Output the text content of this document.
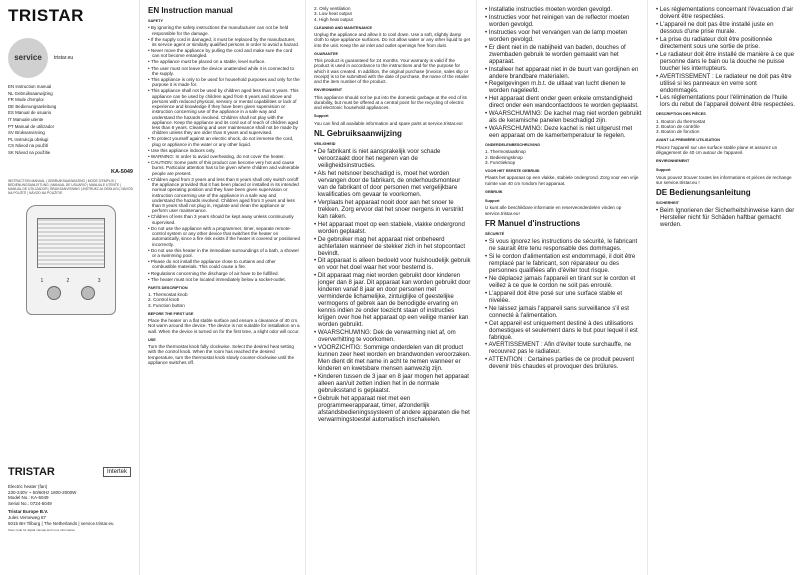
TRISTAR
service	tristar.eu
EN Instruction manual
NL Gebruiksaanwijzing
FR Mode d'emploi
DE Bedienungsanleitung
ES Manual de usuario
IT Manuale utente
PT Manual de utilizador
SV Bruksanvisning
PL Instrukcja obsługi
CS Návod na použití
SK Návod na použitie
KA-5049
INSTRUCTION MANUAL | GEBRUIKSAANWIJZING | MODE D'EMPLOI | BEDIENUNGSANLEITUNG | MANUAL DE USUARIO | MANUALE UTENTE | MANUAL DE UTILIZADOR | BRUKSANVISNING | INSTRUKCJA OBSŁUGI | NÁVOD NA POUŽITÍ | NÁVOD NA POUŽITIE
1	2	3
TRISTAR	Intertek
Electric heater (fan)
230-240V ~ 50/60Hz 1800-2000W
Model No.: KA-5049
Serial No.: 0724-5049
Tristar Europe B.V.
Jules Verneweg 87
5015 BH Tilburg | The Netherlands | service.tristar.eu
Scan code for digital manual and more information
EN Instruction manual
SAFETY
• By ignoring the safety instructions the manufacturer can not be held responsible for the damage.
• If the supply cord is damaged, it must be replaced by the manufacturer, its service agent or similarly qualified persons in order to avoid a hazard.
• Never move the appliance by pulling the cord and make sure the cord can not become entangled.
• The appliance must be placed on a stable, level surface.
• The user must not leave the device unattended while it is connected to the supply.
• This appliance is only to be used for household purposes and only for the purpose it is made for.
• This appliance shall not be used by children aged less than 8 years. This appliance can be used by children aged from 8 years and above and persons with reduced physical, sensory or mental capabilities or lack of experience and knowledge if they have been given supervision or instruction concerning use of the appliance in a safe way and understand the hazards involved. Children shall not play with the appliance. Keep the appliance and its cord out of reach of children aged less than 8 years. Cleaning and user maintenance shall not be made by children unless they are older than 8 years and supervised.
• To protect yourself against an electric shock, do not immerse the cord, plug or appliance in the water or any other liquid.
• Use this appliance indoors only.
• WARNING: In order to avoid overheating, do not cover the heater.
• CAUTION: Some parts of this product can become very hot and cause burns. Particular attention has to be given where children and vulnerable people are present.
• Children aged from 3 years and less than 8 years shall only switch on/off the appliance provided that it has been placed or installed in its intended normal operating position and they have been given supervision or instruction concerning use of the appliance in a safe way and understand the hazards involved. Children aged from 3 years and less than 8 years shall not plug in, regulate and clean the appliance or perform user maintenance.
• Children of less than 3 years should be kept away unless continuously supervised.
• Do not use the appliance with a programmer, timer, separate remote-control system or any other device that switches the heater on automatically, since a fire risk exists if the heater is covered or positioned incorrectly.
• Do not use this heater in the immediate surroundings of a bath, a shower or a swimming pool.
• Please do not install the appliance close to curtains and other combustible materials. This could cause a fire.
• Regulations concerning the discharge of air have to be fulfilled.
• The heater must not be located immediately below a socket-outlet.
PARTS DESCRIPTION
1. Thermostat knob
2. Control knob
3. Function button
BEFORE THE FIRST USE

Place the heater on a flat stable surface and ensure a clearance of 40 cm. Not warm around the device. The device is not suitable for installation on a wall. When the device is turned on for the first time, a slight odor will occur.

USE

Turn the thermostat knob fully clockwise. Select the desired heat setting with the control knob. When the room has reached the desired temperature, turn the thermostat knob slowly counter-clockwise until the appliance switches off.

2. Only ventilation
3. Low heat output
4. High heat output
CLEANING AND MAINTENANCE

Unplug the appliance and allow it to cool down. Use a soft, slightly damp cloth to wipe appliance surfaces. Do not allow water or any other liquid to get into the unit. Keep the air inlet and outlet openings free from dust.

GUARANTEE

This product is guaranteed for 24 months. Your warranty is valid if the product is used in accordance to the instructions and for the purpose for which it was created. In addition, the original purchase (invoice, sales slip or receipt) is to be submitted with the date of purchase, the name of the retailer and the item number of the product.

ENVIRONMENT

This appliance should not be put into the domestic garbage at the end of its durability, but must be offered at a central point for the recycling of electric and electronic household appliances.

Support

You can find all available information and spare parts at service.tristar.eu!

NL Gebruiksaanwijzing
VEILIGHEID
• De fabrikant is niet aansprakelijk voor schade veroorzaakt door het negeren van de veiligheidsinstructies.
• Als het netsnoer beschadigd is, moet het worden vervangen door de fabrikant, de onderhoudsmonteur van de fabrikant of door personen met vergelijkbare kwalificaties om gevaar te voorkomen.
• Verplaats het apparaat nooit door aan het snoer te trekken. Zorg ervoor dat het snoer nergens in verstrikt kan raken.
• Het apparaat moet op een stabiele, vlakke ondergrond worden geplaatst.
• De gebruiker mag het apparaat niet onbeheerd achterlaten wanneer de stekker zich in het stopcontact bevindt.
• Dit apparaat is alleen bedoeld voor huishoudelijk gebruik en voor het doel waar het voor bestemd is.
• Dit apparaat mag niet worden gebruikt door kinderen jonger dan 8 jaar. Dit apparaat kan worden gebruikt door kinderen vanaf 8 jaar en door personen met verminderde lichamelijke, zintuiglijke of geestelijke vermogens of gebrek aan de benodigde ervaring en kennis indien ze onder toezicht staan of instructies krijgen over hoe het apparaat op een veilige manier kan worden gebruikt.
• WAARSCHUWING: Dek de verwarming niet af, om oververhitting te voorkomen.
• VOORZICHTIG: Sommige onderdelen van dit product kunnen zeer heet worden en brandwonden veroorzaken. Men dient dit met name in acht te nemen wanneer er kinderen en kwetsbare mensen aanwezig zijn.
• Kinderen tussen de 3 jaar en 8 jaar mogen het apparaat alleen aan/uit zetten indien het in de normale gebruiksstand is geplaatst.
• Gebruik het apparaat niet met een programmeerapparaat, timer, afzonderlijk afstandsbedieningssysteem of andere apparaten die het verwarmingstoestel automatisch inschakelen.
• Installatie instructies moeten worden gevolgd.
• Instructies voor het reinigen van de reflector moeten worden gevolgd.
• Instructies voor het vervangen van de lamp moeten worden gevolgd.
• Er dient niet in de nabijheid van baden, douches of zwembaden gebruik te worden gemaakt van het apparaat.
• Installeer het apparaat niet in de buurt van gordijnen en andere brandbare materialen.
• Regelgevingen m.b.t. de uitlaat van lucht dienen te worden nageleefd.
• Het apparaat dient onder geen enkele omstandigheid direct onder een wandcontactdoos te worden geplaatst.
• WAARSCHUWING: De kachel mag niet worden gebruikt als de keramische panelen beschadigd zijn.
• WAARSCHUWING: Deze kachel is niet uitgerust met een apparaat om de kamertemperatuur te regelen.
ONDERDELENBESCHRIJVING
1. Thermostaatknop
2. Bedieningsknop
3. Functieknop
VOOR HET EERSTE GEBRUIK

Plaats het apparaat op een vlakke, stabiele ondergrond. Zorg voor een vrije ruimte van 40 cm rondom het apparaat.

GEBRUIK
Support

U kunt alle beschikbare informatie en reserveonderdelen vinden op service.tristar.eu!

FR Manuel d'instructions
SÉCURITÉ
• Si vous ignorez les instructions de sécurité, le fabricant ne saurait être tenu responsable des dommages.
• Si le cordon d'alimentation est endommagé, il doit être remplacé par le fabricant, son réparateur ou des personnes qualifiées afin d'éviter tout risque.
• Ne déplacez jamais l'appareil en tirant sur le cordon et veillez à ce que le cordon ne soit pas enroulé.
• L'appareil doit être posé sur une surface stable et nivelée.
• Ne laissez jamais l'appareil sans surveillance s'il est connecté à l'alimentation.
• Cet appareil est uniquement destiné à des utilisations domestiques et seulement dans le but pour lequel il est fabriqué.
• AVERTISSEMENT : Afin d'éviter toute surchauffe, ne recouvrez pas le radiateur.
• ATTENTION : Certaines parties de ce produit peuvent devenir très chaudes et provoquer des brûlures.
• Les réglementations concernant l'évacuation d'air doivent être respectées.
• L'appareil ne doit pas être installé juste en dessous d'une prise murale.
• La prise du radiateur doit être positionnée directement sous une sortie de prise.
• Le radiateur doit être installé de manière à ce que personne dans le bain ou la douche ne puisse toucher les interrupteurs.
• AVERTISSEMENT : Le radiateur ne doit pas être utilisé si les panneaux en verre sont endommagés.
• Les réglementations pour l'élimination de l'huile lors du rebut de l'appareil doivent être respectées.
DESCRIPTION DES PIÈCES
1. Bouton du thermostat
2. Bouton de contrôle
3. Bouton de fonction
AVANT LA PREMIÈRE UTILISATION

Placez l'appareil sur une surface stable plane et assurez un dégagement de 40 cm autour de l'appareil.

ENVIRONNEMENT
Support

Vous pouvez trouver toutes les informations et pièces de rechange sur service.tristar.eu !

DE Bedienungsanleitung
SICHERHEIT
• Beim Ignorieren der Sicherheitshinweise kann der Hersteller nicht für Schäden haftbar gemacht werden.
